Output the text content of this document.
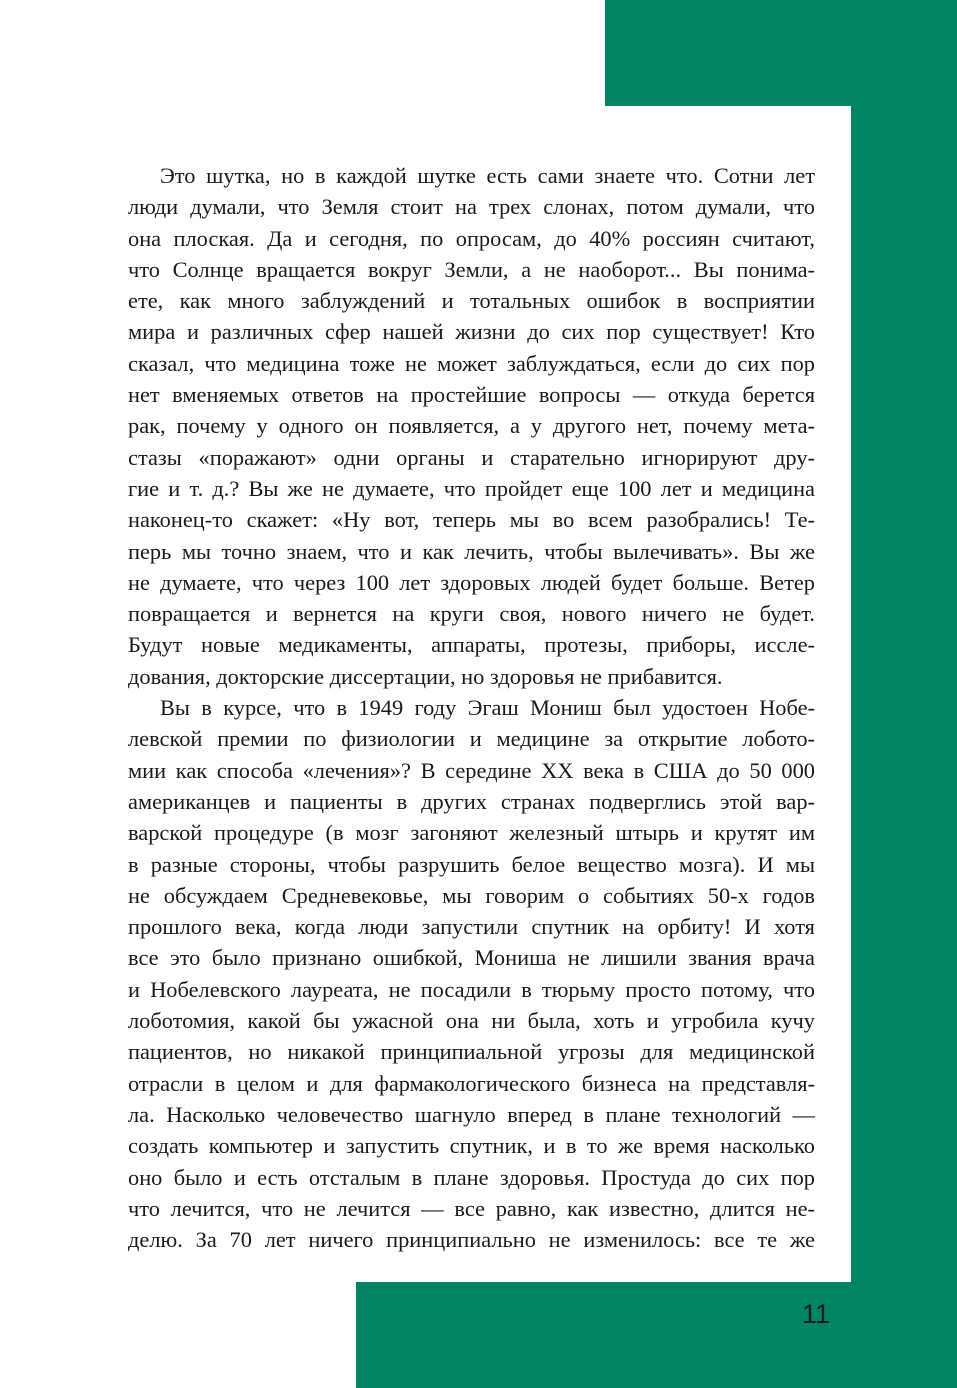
Это шутка, но в каждой шутке есть сами знаете что. Сотни лет
люди думали, что Земля стоит на трех слонах, потом думали, что
она плоская. Да и сегодня, по опросам, до 40% россиян считают,
что Солнце вращается вокруг Земли, а не наоборот... Вы понима-
ете, как много заблуждений и тотальных ошибок в восприятии
мира и различных сфер нашей жизни до сих пор существует! Кто
сказал, что медицина тоже не может заблуждаться, если до сих пор
нет вменяемых ответов на простейшие вопросы — откуда берется
рак, почему у одного он появляется, а у другого нет, почему мета-
стазы «поражают» одни органы и старательно игнорируют дру-
гие и т. д.? Вы же не думаете, что пройдет еще 100 лет и медицина
наконец-то скажет: «Ну вот, теперь мы во всем разобрались! Те-
перь мы точно знаем, что и как лечить, чтобы вылечивать». Вы же
не думаете, что через 100 лет здоровых людей будет больше. Ветер
повращается и вернется на круги своя, нового ничего не будет.
Будут новые медикаменты, аппараты, протезы, приборы, иссле-
дования, докторские диссертации, но здоровья не прибавится.
Вы в курсе, что в 1949 году Эгаш Мониш был удостоен Нобе-
левской премии по физиологии и медицине за открытие лобото-
мии как способа «лечения»? В середине XX века в США до 50 000
американцев и пациенты в других странах подверглись этой вар-
варской процедуре (в мозг загоняют железный штырь и крутят им
в разные стороны, чтобы разрушить белое вещество мозга). И мы
не обсуждаем Средневековье, мы говорим о событиях 50-х годов
прошлого века, когда люди запустили спутник на орбиту! И хотя
все это было признано ошибкой, Мониша не лишили звания врача
и Нобелевского лауреата, не посадили в тюрьму просто потому, что
лоботомия, какой бы ужасной она ни была, хоть и угробила кучу
пациентов, но никакой принципиальной угрозы для медицинской
отрасли в целом и для фармакологического бизнеса на представля-
ла. Насколько человечество шагнуло вперед в плане технологий —
создать компьютер и запустить спутник, и в то же время насколько
оно было и есть отсталым в плане здоровья. Простуда до сих пор
что лечится, что не лечится — все равно, как известно, длится не-
делю. За 70 лет ничего принципиально не изменилось: все те же
11
